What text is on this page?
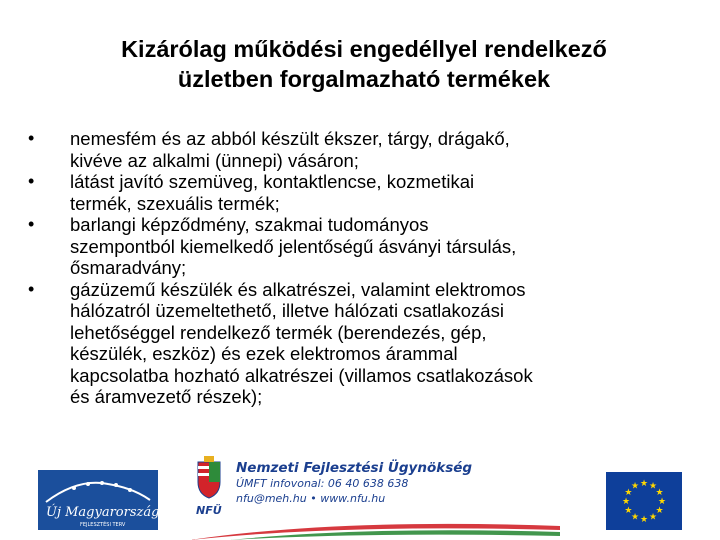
Kizárólag működési engedéllyel rendelkező
üzletben forgalmazható termékek
•	nemesfém és az abból készült ékszer, tárgy, drágakő,
kivéve az alkalmi (ünnepi) vásáron;
•	látást javító szemüveg, kontaktlencse, kozmetikai
termék, szexuális termék;
•	barlangi képződmény, szakmai tudományos
szempontból kiemelkedő jelentőségű ásványi társulás,
ősmaradvány;
•	gázüzemű készülék és alkatrészei, valamint elektromos
hálózatról üzemeltethető, illetve hálózati csatlakozási
lehetőséggel rendelkező termék (berendezés, gép,
készülék, eszköz) és ezek elektromos árammal
kapcsolatba hozható alkatrészei (villamos csatlakozások
és áramvezető részek);
Új Magyarország
FEJLESZTÉSI TERV
NFÜ
Nemzeti Fejlesztési Ügynökség
ÚMFT infovonal: 06 40 638 638
nfu@meh.hu • www.nfu.hu	★
★
★
★
★
★
★
★
★ ★ ★
★
